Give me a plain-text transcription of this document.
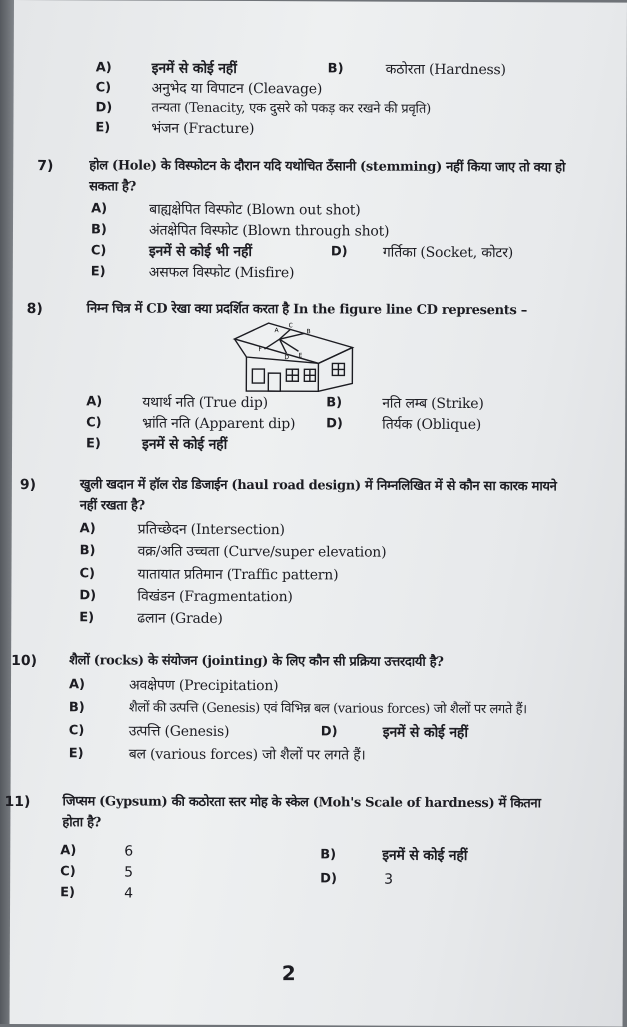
A)	इनमें से कोई नहीं	B)	कठोरता (Hardness)
C)	अनुभेद या विपाटन (Cleavage)
D)	तन्यता (Tenacity, एक दुसरे को पकड़ कर रखने की प्रवृति)
E)	भंजन (Fracture)
7)	होल (Hole) के विस्फोटन के दौरान यदि यथोचित ठँसानी (stemming) नहीं किया जाए तो क्या हो
सकता है?
A)	बाह्यक्षेपित विस्फोट (Blown out shot)
B)	अंतक्षेपित विस्फोट (Blown through shot)
C)	इनमें से कोई भी नहीं	D)	गर्तिका (Socket, कोटर)
E)	असफल विस्फोट (Misfire)
8)	निम्न चित्र में CD रेखा क्या प्रदर्शित करता है In the figure line CD represents –
A
C
B
F
D E
A)	यथार्थ नति (True dip)	B)	नति लम्ब (Strike)
C)	भ्रांति नति (Apparent dip) D)	तिर्यक (Oblique)
E)	इनमें से कोई नहीं
9)	खुली खदान में हॉल रोड डिजाईन (haul road design) में निम्नलिखित में से कौन सा कारक मायने
नहीं रखता है?
A)	प्रतिच्छेदन (Intersection)
B)	वक्र/अति उच्चता (Curve/super elevation)
C)	यातायात प्रतिमान (Traffic pattern)
D)	विखंडन (Fragmentation)
E)	ढलान (Grade)
10) शैलों (rocks) के संयोजन (jointing) के लिए कौन सी प्रक्रिया उत्तरदायी है?
A)	अवक्षेपण (Precipitation)
B)	शैलों की उत्पत्ति (Genesis) एवं विभिन्न बल (various forces) जो शैलों पर लगते हैं।
C)	उत्पत्ति (Genesis)	D)	इनमें से कोई नहीं
E)	बल (various forces) जो शैलों पर लगते हैं।
11) जिप्सम (Gypsum) की कठोरता स्तर मोह के स्केल (Moh's Scale of hardness) में कितना
होता है?
A)	6	B)	इनमें से कोई नहीं
C)	5	D)	3
E)	4
2
